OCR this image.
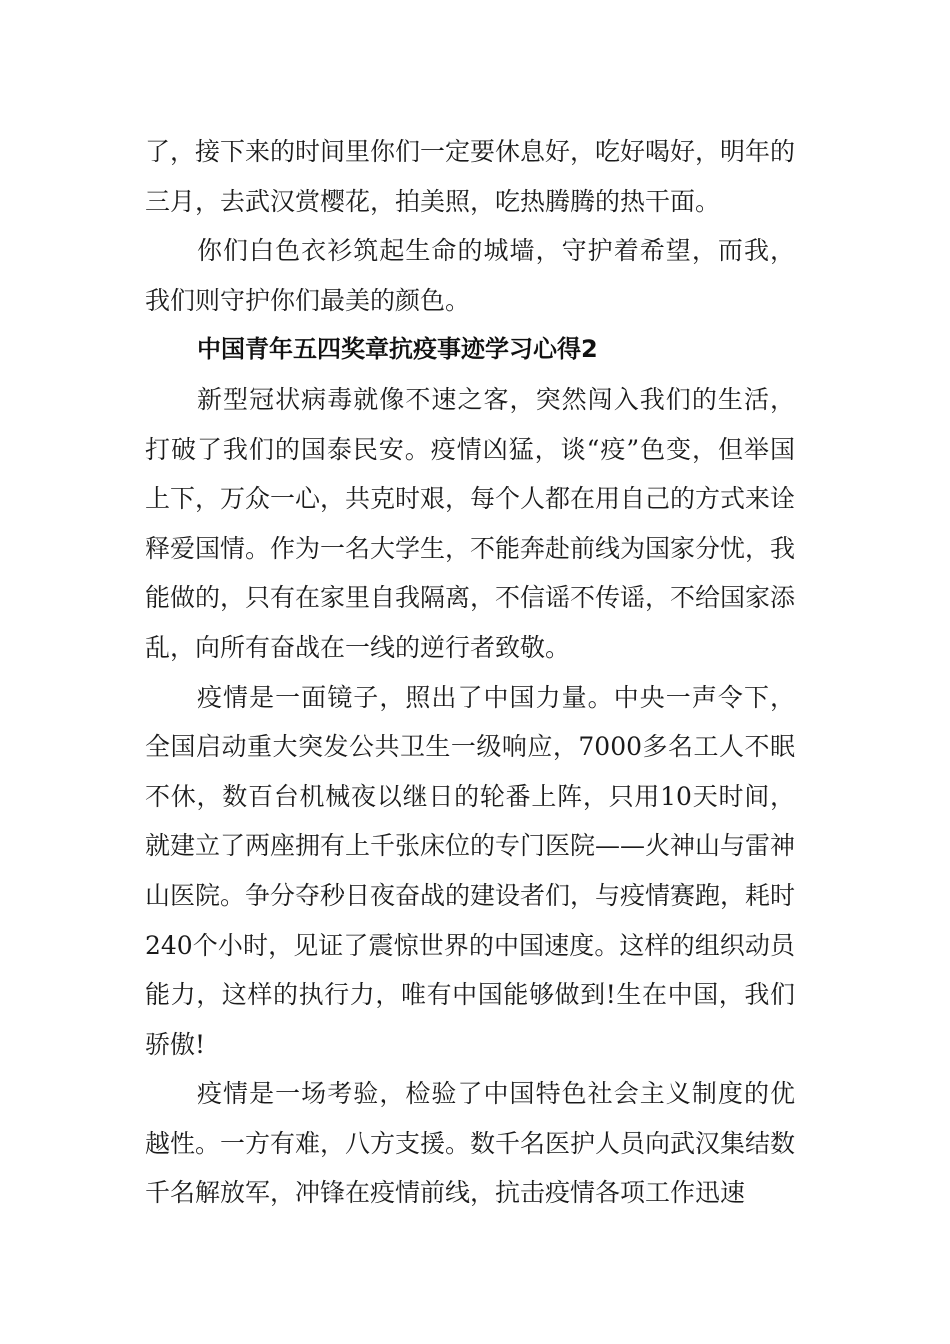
了，接下来的时间里你们一定要休息好，吃好喝好，明年的三月，去武汉赏樱花，拍美照，吃热腾腾的热干面。

你们白色衣衫筑起生命的城墙，守护着希望，而我，我们则守护你们最美的颜色。

中国青年五四奖章抗疫事迹学习心得2

新型冠状病毒就像不速之客，突然闯入我们的生活，打破了我们的国泰民安。疫情凶猛，谈“疫”色变，但举国上下，万众一心，共克时艰，每个人都在用自己的方式来诠释爱国情。作为一名大学生，不能奔赴前线为国家分忧，我能做的，只有在家里自我隔离，不信谣不传谣，不给国家添乱，向所有奋战在一线的逆行者致敬。

疫情是一面镜子，照出了中国力量。中央一声令下，全国启动重大突发公共卫生一级响应，7000多名工人不眠不休，数百台机械夜以继日的轮番上阵，只用10天时间，就建立了两座拥有上千张床位的专门医院——火神山与雷神山医院。争分夺秒日夜奋战的建设者们，与疫情赛跑，耗时240个小时，见证了震惊世界的中国速度。这样的组织动员能力，这样的执行力，唯有中国能够做到!生在中国，我们骄傲!

疫情是一场考验，检验了中国特色社会主义制度的优越性。一方有难，八方支援。数千名医护人员向武汉集结数千名解放军，冲锋在疫情前线，抗击疫情各项工作迅速
